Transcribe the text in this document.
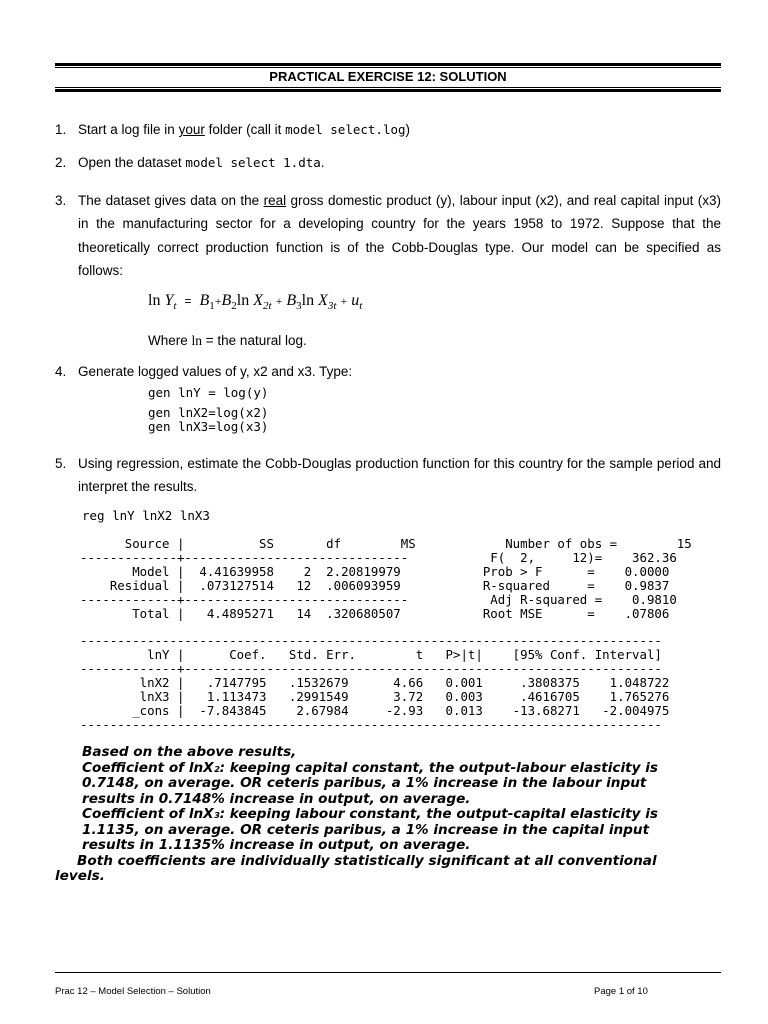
PRACTICAL EXERCISE 12: SOLUTION
1. Start a log file in your folder (call it model select.log)
2. Open the dataset model select 1.dta.
3. The dataset gives data on the real gross domestic product (y), labour input (x2), and real capital input (x3) in the manufacturing sector for a developing country for the years 1958 to 1972. Suppose that the theoretically correct production function is of the Cobb-Douglas type. Our model can be specified as follows:
$\ln Y_t = B_1+B_2\ln$ $X_{2t} + B_3\ln$ $X_{3t} + u_t$
Where ln = the natural log.
4. Generate logged values of y, x2 and x3. Type:
gen lnY = log(y)
gen lnX2=log(x2)
gen lnX3=log(x3)
5. Using regression, estimate the Cobb-Douglas production function for this country for the sample period and interpret the results.
reg lnY lnX2 lnX3
Source |          SS       df        MS            Number of obs =        15
-------------+------------------------------           F(  2,     12)=    362.36
Model |  4.41639958    2  2.20819979           Prob > F      =    0.0000
Residual |  .073127514   12  .006093959           R-squared     =    0.9837
-------------+------------------------------           Adj R-squared =    0.9810
Total |   4.4895271   14  .320680507           Root MSE      =    .07806

------------------------------------------------------------------------------
lnY |      Coef.   Std. Err.        t   P>|t|    [95% Conf. Interval]
-------------+----------------------------------------------------------------
lnX2 |   .7147795   .1532679      4.66   0.001     .3808375    1.048722
lnX3 |   1.113473   .2991549      3.72   0.003     .4616705    1.765276
_cons |  -7.843845    2.67984     -2.93   0.013    -13.68271   -2.004975
------------------------------------------------------------------------------
Based on the above results,
Coefficient of lnX₂: keeping capital constant, the output-labour elasticity is
0.7148, on average. OR ceteris paribus, a 1% increase in the labour input
results in 0.7148% increase in output, on average.
Coefficient of lnX₃: keeping labour constant, the output-capital elasticity is
1.1135, on average. OR ceteris paribus, a 1% increase in the capital input
results in 1.1135% increase in output, on average.
Both coefficients are individually statistically significant at all conventional
levels.
Prac 12 – Model Selection – Solution	Page 1 of 10
